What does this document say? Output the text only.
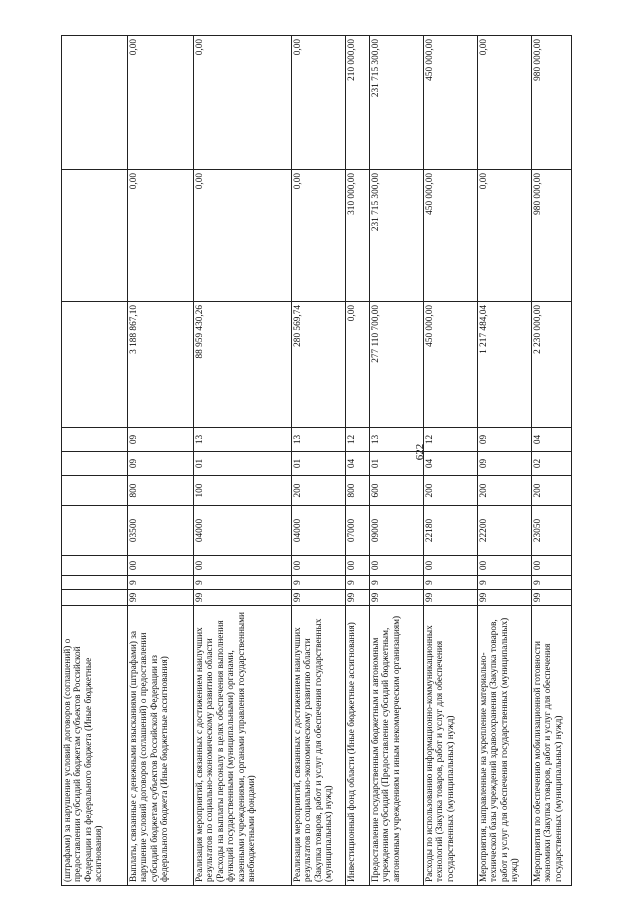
622
(штрафами) за нарушение условий договоров (соглашений) о предоставлении субсидий бюджетам субъектов Российской Федерации из федерального бюджета (Иные бюджетные ассигнования)										
Выплаты, связанные с денежными взысканиями (штрафами) за нарушение условий договоров (соглашений) о предоставлении субсидий бюджетам субъектов Российской Федерации из федерального бюджета (Иные бюджетные ассигнования)	99	9	00	03500	800	09	09	3 188 867,10	0,00	0,00
Реализация мероприятий, связанных с достижением наилучших результатов по социально-экономическому развитию области (Расходы на выплаты персоналу в целях обеспечения выполнения функций государственными (муниципальными) органами, казенными учреждениями, органами управления государственными внебюджетными фондами)	99	9	00	04000	100	01	13	88 959 430,26	0,00	0,00
Реализация мероприятий, связанных с достижением наилучших результатов по социально-экономическому развитию области (Закупка товаров, работ и услуг для обеспечения государственных (муниципальных) нужд)	99	9	00	04000	200	01	13	280 569,74	0,00	0,00
Инвестиционный фонд области (Иные бюджетные ассигнования)	99	9	00	07000	800	04	12	0,00	310 000,00	210 000,00
Предоставление государственным бюджетным и автономным учреждениям субсидий (Предоставление субсидий бюджетным, автономным учреждениям и иным некоммерческим организациям)	99	9	00	09000	600	01	13	277 110 700,00	231 715 300,00	231 715 300,00
Расходы по использованию информационно-коммуникационных технологий (Закупка товаров, работ и услуг для обеспечения государственных (муниципальных) нужд)	99	9	00	22180	200	04	12	450 000,00	450 000,00	450 000,00
Мероприятия, направленные на укрепление материально-технической базы учреждений здравоохранения (Закупка товаров, работ и услуг для обеспечения государственных (муниципальных) нужд)	99	9	00	22200	200	09	09	1 217 484,04	0,00	0,00
Мероприятия по обеспечению мобилизационной готовности экономики (Закупка товаров, работ и услуг для обеспечения государственных (муниципальных) нужд)	99	9	00	23050	200	02	04	2 230 000,00	980 000,00	980 000,00
